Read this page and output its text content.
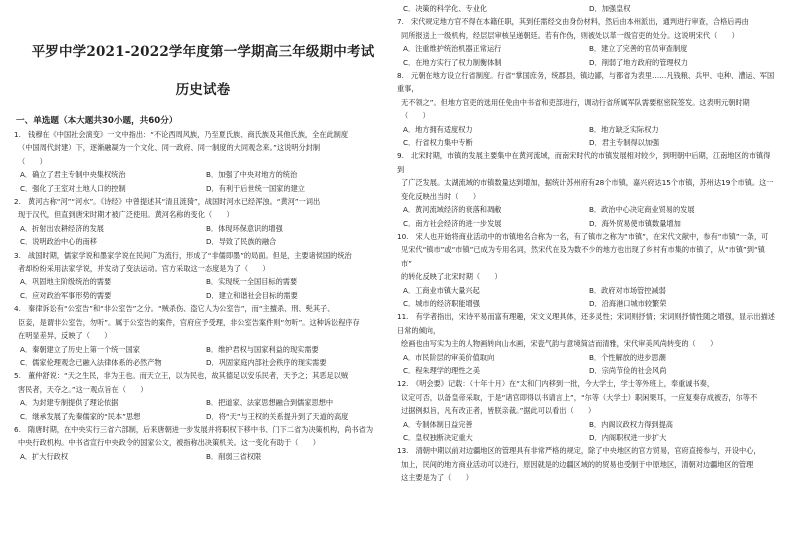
平罗中学2021-2022学年度第一学期高三年级期中考试
历史试卷
一、单选题（本大题共30小题，共60分）

1.　钱穆在《中国社会演变》一文中指出：“不论西周风族，乃至夏氏族、商氏族及其他氏族，全在此制度

（中国周代封建）下，逐渐融凝为一个文化、同一政府、同一制度的大同观念来。”这说明分封制

（　　）

A．确立了君主专制中央集权统治	B．加强了中央对地方的统治
C．强化了王室对土地人口的控制	D．有利于后世统一国家的建立

2.　黄河古称“河”“河水”。《诗经》中曾提述其“清且涟猗”，战国时河水已经浑浊。“黄河”一词出

现于汉代，但直到唐宋时期才被广泛使用。黄河名称的变化（　　）

A．折射出农耕经济的发展	B．体现环保意识的增强
C．说明政治中心的南移	D．导致了民族的融合

3.　战国时期，儒家学说和墨家学说在民间广为流行，形成了“非儒即墨”的局面。但是，主要诸侯国的统治

者却纷纷采用法家学说，并发动了变法运动。官方采取这一态度是为了（　　）

A．巩固地主阶级统治的需要	B．实现统一全国目标的需要
C．应对政治军事形势的需要	D．建立和谐社会目标的需要

4.　秦律诉讼有“公室告”和“非公室告”之分。“贼杀伤、盗它人为公室告”，而“主擅杀、刑、髡其子、

臣妾，是谓非公室告，勿听”。属于公室告的案件，官府应予受理，非公室告案件则“勿听”。这种诉讼程序存

在明显差异，反映了（　　）

A．秦朝建立了历史上第一个统一国家	B．维护君权与国家利益的现实需要
C．儒家伦理观念已融入法律体系的必然产物	D．巩固家庭内部社会秩序的现实需要

5.　董仲舒说：“天之生民，非为王也。而天立王，以为民也，故其德足以安乐民者，天予之；其恶足以贼

害民者，天夺之。”这一观点旨在（　　）

A．为封建专制提供了理论依据	B．把道家、法家思想融合到儒家思想中
C．继承发展了先秦儒家的“民本”思想	D．将“天”与王权的关系提升到了天道的高度

6.　隋唐时期，在中央实行三省六部制，后来唐朝进一步发展并将职权下移中书、门下二省为决策机构，尚书省为

中央行政机构。中书省宣行中央政令的国家公文，被指称出决策机关。这一变化有助于（　　）

A．扩大行政权	B．削弱三省权限
C．决策的科学化、专业化	D．加强皇权

7.　宋代规定地方官不得在本籍任职，其到任需经交由身份材料，然后由本州派出，通判进行审查，合格后再由

同所报送上一级机构，经层层审核呈递朝廷。若有作伪，则被处以革一级官吏的处分。这说明宋代（　　）

A．注重维护统治机器正常运行	B．建立了完善的官员审查制度
C．在地方实行了权力制衡体制	D．削弱了地方政府的管理权力

8.　元朝在地方设立行省制度。行省“掌国庶务，统郡县，镇边鄙，与都省为表里……凡钱粮、兵甲、屯种、漕运、军国重事，

无不领之”。但地方官吏的选用任免由中书省和吏部进行，调动行省所属军队需要枢密院签发。这表明元朝时期

（　　）

A．地方拥有适度权力	B．地方缺乏实际权力
C．行省权力集中专断	D．君主专制得以加强

9.　北宋时期，市镇的发展主要集中在黄河流域，而南宋时代的市镇发展相对较少，到明朝中后期，江南地区的市镇得到

了广泛发展。太湖流域的市镇数量达到增加，据统计苏州府有28个市镇，嘉兴府达15个市镇，苏州达19个市镇。这一变化反映出当时（　　）

A．黄河流域经济的衰落和凋敝	B．政治中心决定商业贸易的发展
C．南方社会经济的进一步发展	D．海外贸易使市镇数量增加

10.　宋人也开始将商业活动中的市镇地名合称为一名，有了镇市之称为“市镇”，在宋代文献中，参有“市镇”一条，可

见宋代“镇市”或“市镇”已成为专用名词，然宋代在及为数不少的地方也出现了乡村有市集的市镇了，从“市镇”到“镇市”

的转化反映了北宋时期（　　）

A．工商业市镇大量兴起	B．政府对市场管控减弱
C．城市的经济职能增强	D．沿海港口城市较繁荣

11.　有学者指出，宋诗平易而富有理趣，宋文义理具体，还多灵性；宋词则抒情；宋词则抒情性随之增强，显示出描述日常的倾向，

绘画也由写实为主的人物画转向山水画，宋瓷气韵与意境简洁而清雅，宋代审美风尚转变的（　　）

A．市民阶层的审美价值取向	B．个性解放的进步思潮
C．程朱理学的理性之美	D．宗尚节俭的社会风尚

12.　《明会要》记载：（十年十月）在“太和门内移到一批，今大学士，学士等外班上，奉重诚书奏，

议定可否，以备皇帝采取，于是“诸官即得以书请言上”，“尔等（大学士）职闲果耳，一应复奏存成被否，尔等不

过据例拟旨，凡有改正者，皆朕亲裁。”据此可以看出（　　）

A．专制体制日益完善	B．内阁议政权力得到提高
C．皇权独断决定重大	D．内阁职权进一步扩大

13.　清朝中期以前对边疆地区的管理具有非常严格的规定，除了中央地区的官方贸易，官府直接参与，开设中心，

加上，民间的地方商业活动可以进行，原因就是的边疆区域的的贸易也受制于中原地区，清朝对边疆地区的管理

这主要是为了（　　）
